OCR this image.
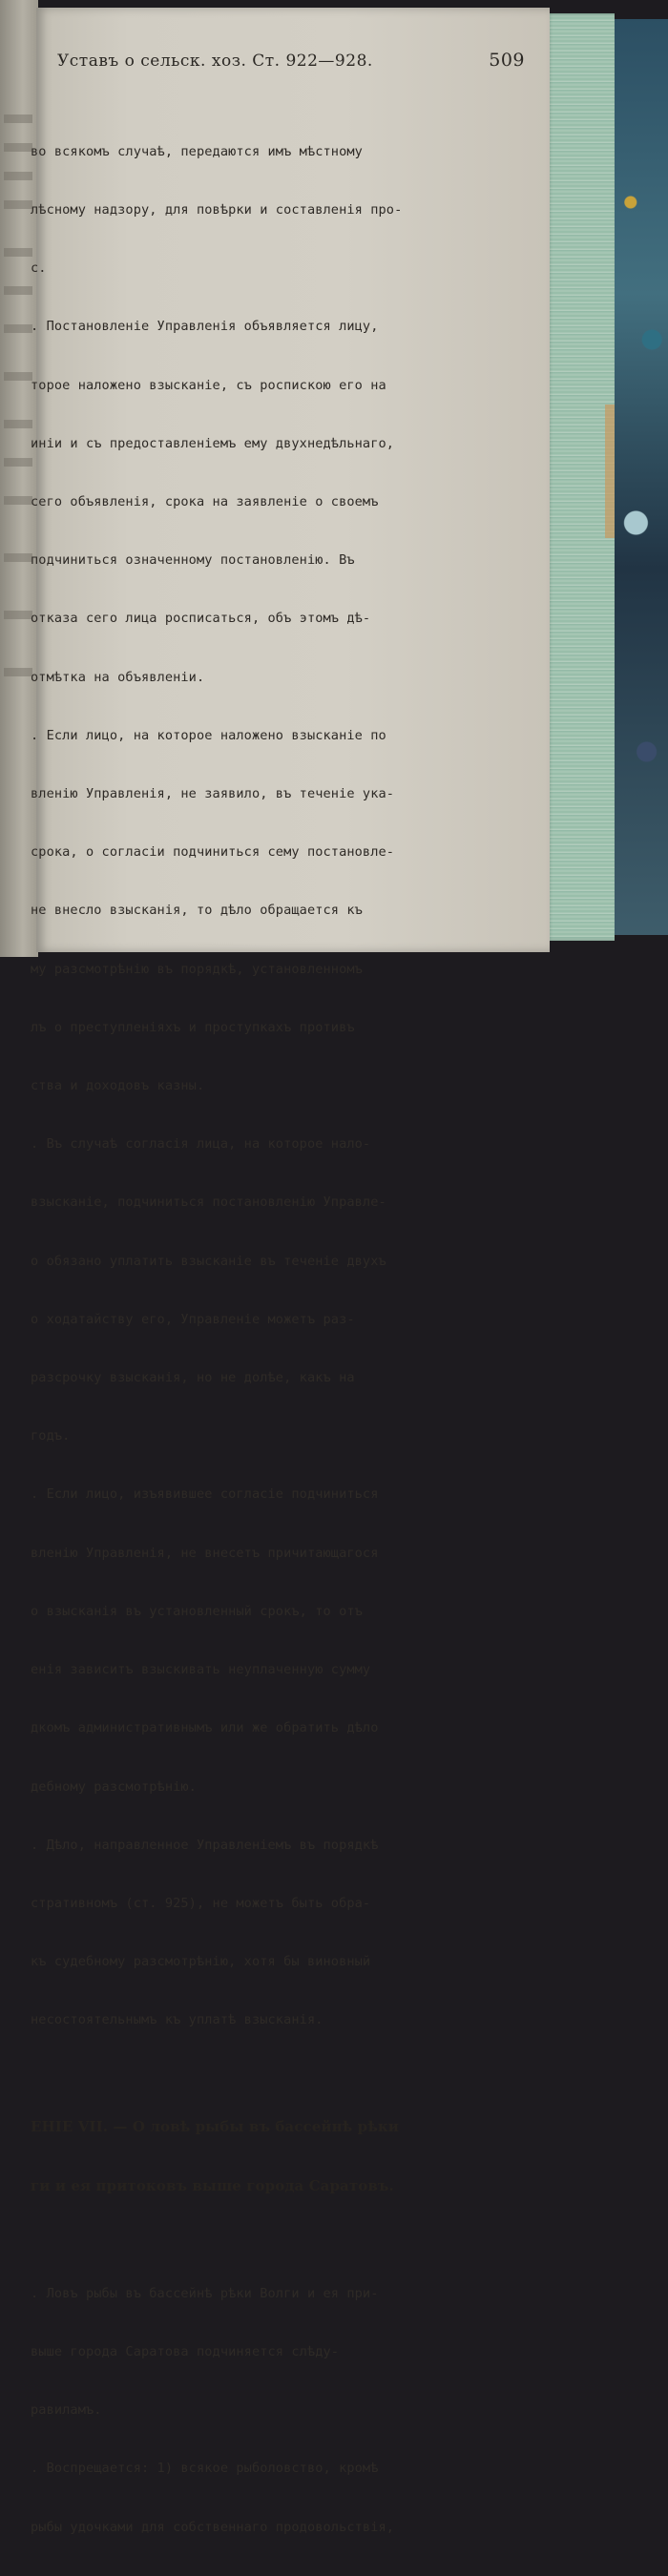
Уставъ о сельск. хоз. Ст. 922—928.	509

во всякомъ случаѣ, передаются имъ мѣстному

лѣсному надзору, для повѣрки и составленія про-

с.

. Постановленіе Управленія объявляется лицу,

торое наложено взысканіе, съ роспискою его на

иніи и съ предоставленіемъ ему двухнедѣльнаго,

сего объявленія, срока на заявленіе о своемъ

подчиниться означенному постановленію. Въ

отказа сего лица росписаться, объ этомъ дѣ-

отмѣтка на объявленіи.

. Если лицо, на которое наложено взысканіе по

вленію Управленія, не заявило, въ теченіе ука-

срока, о согласіи подчиниться сему постановле-

не внесло взысканія, то дѣло обращается къ

му разсмотрѣнію въ порядкѣ, установленномъ

лъ о преступленіяхъ и проступкахъ противъ

ства и доходовъ казны.

. Въ случаѣ согласія лица, на которое нало-

взысканіе, подчиниться постановленію Управле-

о обязано уплатить взысканіе въ теченіе двухъ

о ходатайству его, Управленіе можетъ раз-

разсрочку взысканія, но не долѣе, какъ на

годъ.

. Если лицо, изъявившее согласіе подчиниться

вленію Управленія, не внесетъ причитающагося

о взысканія въ установленный срокъ, то отъ

енія зависитъ взыскивать неуплаченную сумму

дкомъ административнымъ или же обратить дѣло

дебному разсмотрѣнію.

. Дѣло, направленное Управленіемъ въ порядкѣ

стративномъ (ст. 925), не можетъ быть обра-

къ судебному разсмотрѣнію, хотя бы виновный

несостоятельнымъ къ уплатѣ взысканія.

ЕНІЕ VII. — О ловѣ рыбы въ бассейнѣ рѣки

ги и ея притоковъ выше города Саратовъ.

. Ловъ рыбы въ бассейнѣ рѣки Волги и ея при-

выше города Саратова подчиняется слѣду-

равиламъ.

. Воспрещается: 1) всякое рыболовство, кромѣ

рыбы удочками для собственнаго продовольствія,
